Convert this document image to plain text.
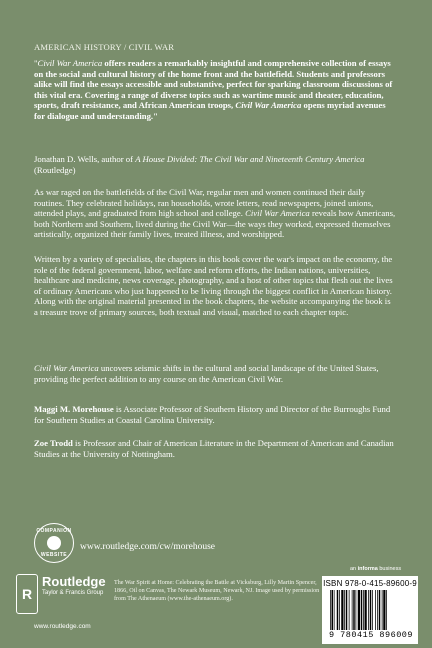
AMERICAN HISTORY / CIVIL WAR
"Civil War America offers readers a remarkably insightful and comprehensive collection of essays on the social and cultural history of the home front and the battlefield. Students and professors alike will find the essays accessible and substantive, perfect for sparking classroom discussions of this vital era. Covering a range of diverse topics such as wartime music and theater, education, sports, draft resistance, and African American troops, Civil War America opens myriad avenues for dialogue and understanding."
Jonathan D. Wells, author of A House Divided: The Civil War and Nineteenth Century America (Routledge)
As war raged on the battlefields of the Civil War, regular men and women continued their daily routines. They celebrated holidays, ran households, wrote letters, read newspapers, joined unions, attended plays, and graduated from high school and college. Civil War America reveals how Americans, both Northern and Southern, lived during the Civil War—the ways they worked, expressed themselves artistically, organized their family lives, treated illness, and worshipped.
Written by a variety of specialists, the chapters in this book cover the war's impact on the economy, the role of the federal government, labor, welfare and reform efforts, the Indian nations, universities, healthcare and medicine, news coverage, photography, and a host of other topics that flesh out the lives of ordinary Americans who just happened to be living through the biggest conflict in American history. Along with the original material presented in the book chapters, the website accompanying the book is a treasure trove of primary sources, both textual and visual, matched to each chapter topic.
Civil War America uncovers seismic shifts in the cultural and social landscape of the United States, providing the perfect addition to any course on the American Civil War.
Maggi M. Morehouse is Associate Professor of Southern History and Director of the Burroughs Fund for Southern Studies at Coastal Carolina University.
Zoe Trodd is Professor and Chair of American Literature in the Department of American and Canadian Studies at the University of Nottingham.
COMPANION
WEBSITE
www.routledge.com/cw/morehouse
R
Routledge
Taylor & Francis Group
www.routledge.com
The War Spirit at Home: Celebrating the Battle at Vicksburg, Lilly Martin Spencer, 1866, Oil on Canvas, The Newark Museum, Newark, NJ. Image used by permission from The Athenaeum (www.the-athenaeum.org).
an informa business
ISBN 978-0-415-89600-9
9 780415 896009
